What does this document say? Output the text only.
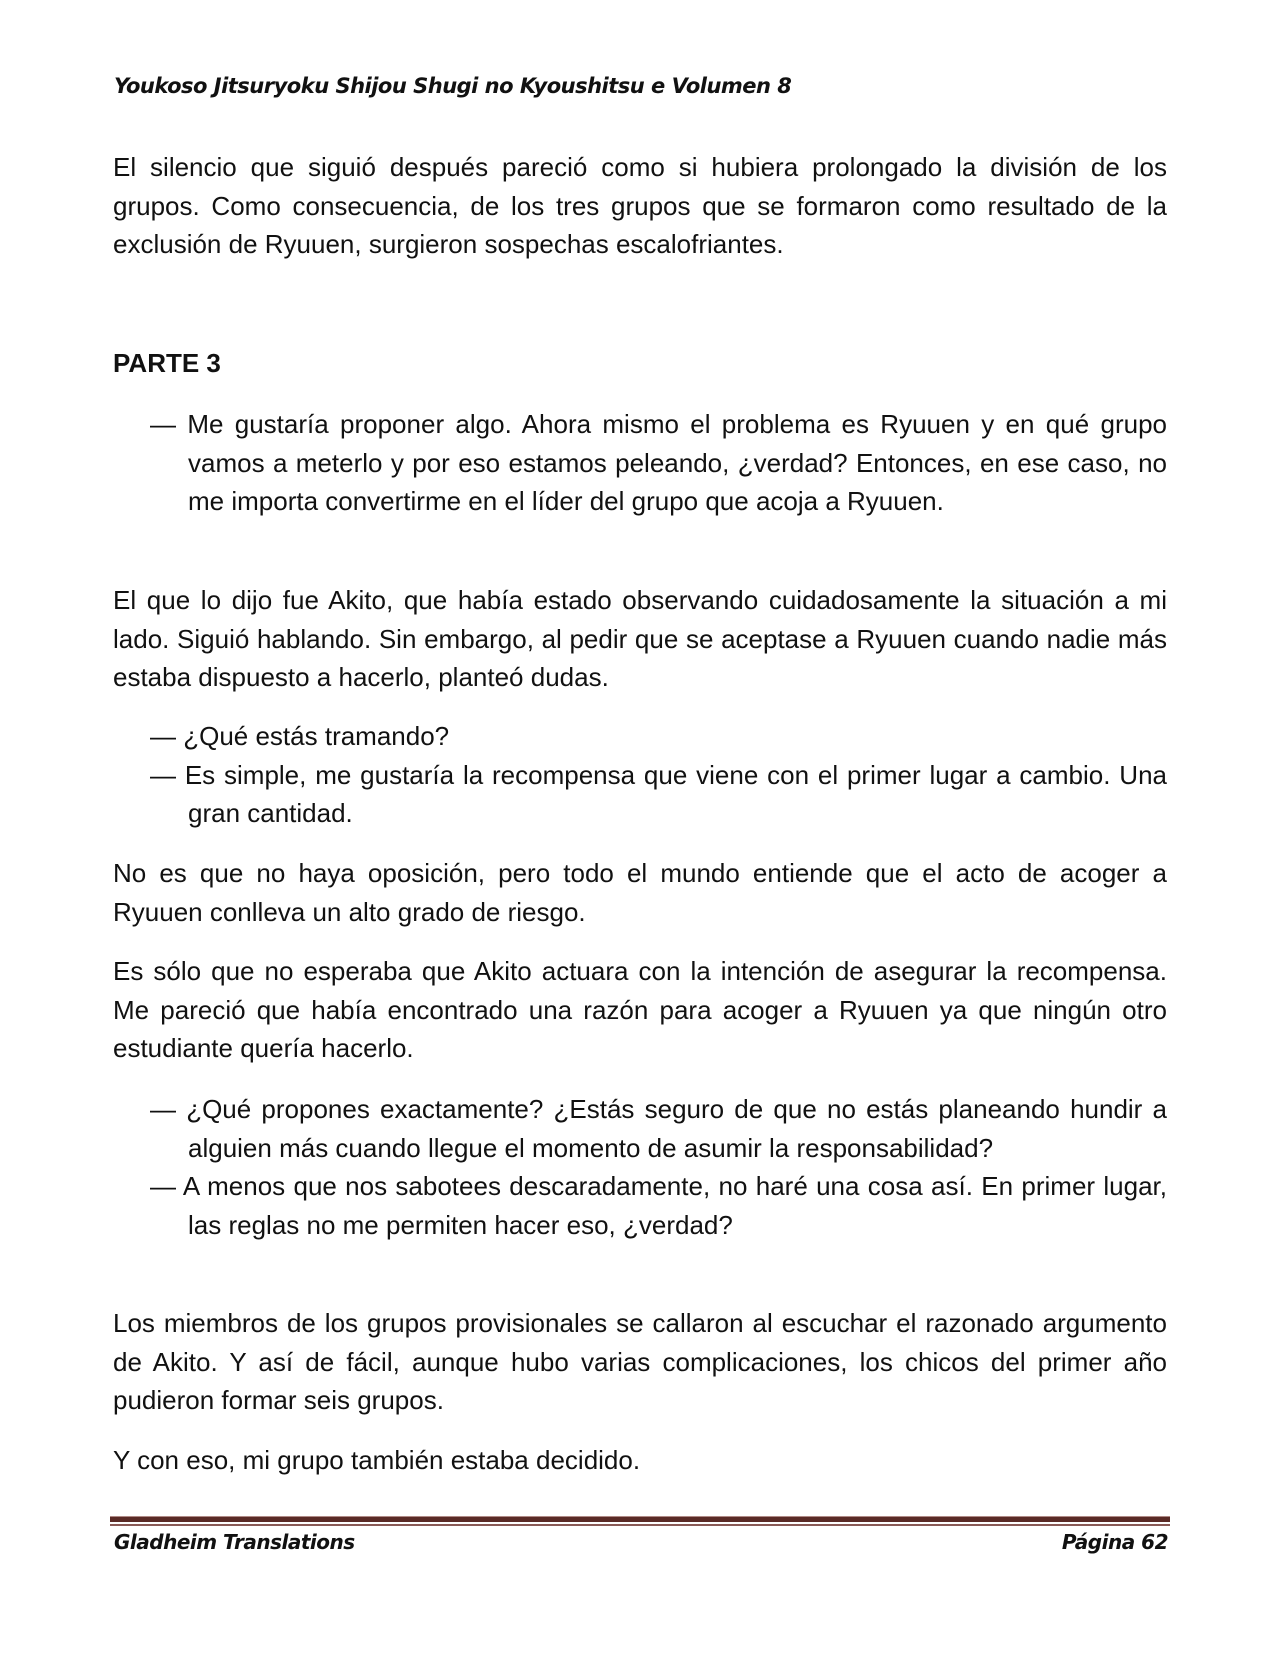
Youkoso Jitsuryoku Shijou Shugi no Kyoushitsu e Volumen 8

El silencio que siguió después pareció como si hubiera prolongado la división de los grupos. Como consecuencia, de los tres grupos que se formaron como resultado de la exclusión de Ryuuen, surgieron sospechas escalofriantes.

PARTE 3

— Me gustaría proponer algo. Ahora mismo el problema es Ryuuen y en qué grupo vamos a meterlo y por eso estamos peleando, ¿verdad? Entonces, en ese caso, no me importa convertirme en el líder del grupo que acoja a Ryuuen.

El que lo dijo fue Akito, que había estado observando cuidadosamente la situación a mi lado. Siguió hablando. Sin embargo, al pedir que se aceptase a Ryuuen cuando nadie más estaba dispuesto a hacerlo, planteó dudas.

— ¿Qué estás tramando?

— Es simple, me gustaría la recompensa que viene con el primer lugar a cambio. Una gran cantidad.

No es que no haya oposición, pero todo el mundo entiende que el acto de acoger a Ryuuen conlleva un alto grado de riesgo.

Es sólo que no esperaba que Akito actuara con la intención de asegurar la recompensa. Me pareció que había encontrado una razón para acoger a Ryuuen ya que ningún otro estudiante quería hacerlo.

— ¿Qué propones exactamente? ¿Estás seguro de que no estás planeando hundir a alguien más cuando llegue el momento de asumir la responsabilidad?

— A menos que nos sabotees descaradamente, no haré una cosa así. En primer lugar, las reglas no me permiten hacer eso, ¿verdad?

Los miembros de los grupos provisionales se callaron al escuchar el razonado argumento de Akito. Y así de fácil, aunque hubo varias complicaciones, los chicos del primer año pudieron formar seis grupos.

Y con eso, mi grupo también estaba decidido.

Gladheim Translations	Página 62
